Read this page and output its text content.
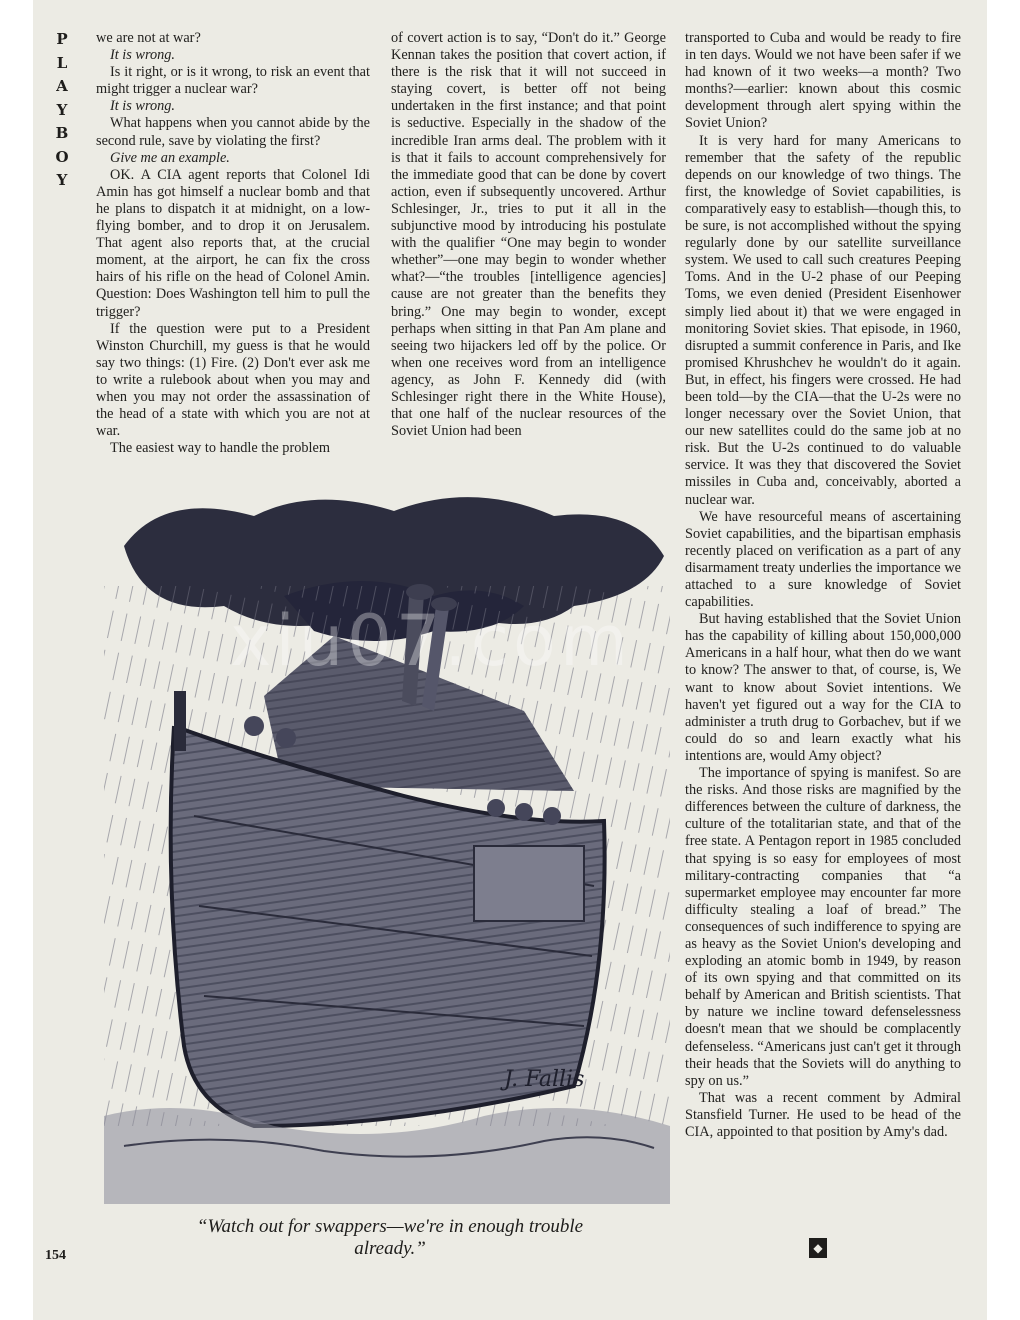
P
L
A
Y
B
O
Y

we are not at war?

It is wrong.

Is it right, or is it wrong, to risk an event that might trigger a nuclear war?

It is wrong.

What happens when you cannot abide by the second rule, save by violating the first?

Give me an example.

OK. A CIA agent reports that Colonel Idi Amin has got himself a nuclear bomb and that he plans to dispatch it at midnight, on a low-flying bomber, and to drop it on Jerusalem. That agent also reports that, at the crucial moment, at the airport, he can fix the cross hairs of his rifle on the head of Colonel Amin. Question: Does Washington tell him to pull the trigger?

If the question were put to a President Winston Churchill, my guess is that he would say two things: (1) Fire. (2) Don't ever ask me to write a rulebook about when you may and when you may not order the assassination of the head of a state with which you are not at war.

The easiest way to handle the problem

of covert action is to say, “Don't do it.” George Kennan takes the position that covert action, if there is the risk that it will not succeed in staying covert, is better off not being undertaken in the first instance; and that point is seductive. Especially in the shadow of the incredible Iran arms deal. The problem with it is that it fails to account comprehensively for the immediate good that can be done by covert action, even if subsequently uncovered. Arthur Schlesinger, Jr., tries to put it all in the subjunctive mood by introducing his postulate with the qualifier “One may begin to wonder whether”—one may begin to wonder whether what?—“the troubles [intelligence agencies] cause are not greater than the benefits they bring.” One may begin to wonder, except perhaps when sitting in that Pan Am plane and seeing two hijackers led off by the police. Or when one receives word from an intelligence agency, as John F. Kennedy did (with Schlesinger right there in the White House), that one half of the nuclear resources of the Soviet Union had been

transported to Cuba and would be ready to fire in ten days. Would we not have been safer if we had known of it two weeks—a month? Two months?—earlier: known about this cosmic development through alert spying within the Soviet Union?

It is very hard for many Americans to remember that the safety of the republic depends on our knowledge of two things. The first, the knowledge of Soviet capabilities, is comparatively easy to establish—though this, to be sure, is not accomplished without the spying regularly done by our satellite surveillance system. We used to call such creatures Peeping Toms. And in the U-2 phase of our Peeping Toms, we even denied (President Eisenhower simply lied about it) that we were engaged in monitoring Soviet skies. That episode, in 1960, disrupted a summit conference in Paris, and Ike promised Khrushchev he wouldn't do it again. But, in effect, his fingers were crossed. He had been told—by the CIA—that the U-2s were no longer necessary over the Soviet Union, that our new satellites could do the same job at no risk. But the U-2s continued to do valuable service. It was they that discovered the Soviet missiles in Cuba and, conceivably, aborted a nuclear war.

We have resourceful means of ascertaining Soviet capabilities, and the bipartisan emphasis recently placed on verification as a part of any disarmament treaty underlies the importance we attached to a sure knowledge of Soviet capabilities.

But having established that the Soviet Union has the capability of killing about 150,000,000 Americans in a half hour, what then do we want to know? The answer to that, of course, is, We want to know about Soviet intentions. We haven't yet figured out a way for the CIA to administer a truth drug to Gorbachev, but if we could do so and learn exactly what his intentions are, would Amy object?

The importance of spying is manifest. So are the risks. And those risks are magnified by the differences between the culture of darkness, the culture of the totalitarian state, and that of the free state. A Pentagon report in 1985 concluded that spying is so easy for employees of most military-contracting companies that “a supermarket employee may encounter far more difficulty stealing a loaf of bread.” The consequences of such indifference to spying are as heavy as the Soviet Union's developing and exploding an atomic bomb in 1949, by reason of its own spying and that committed on its behalf by American and British scientists. That by nature we incline toward defenselessness doesn't mean that we should be complacently defenseless. “Americans just can't get it through their heads that the Soviets will do anything to spy on us.”

That was a recent comment by Admiral Stansfield Turner. He used to be head of the CIA, appointed to that position by Amy's dad.

J. Fallis
xiu07.com
“Watch out for swappers—we're in enough trouble already.”
154	◆
